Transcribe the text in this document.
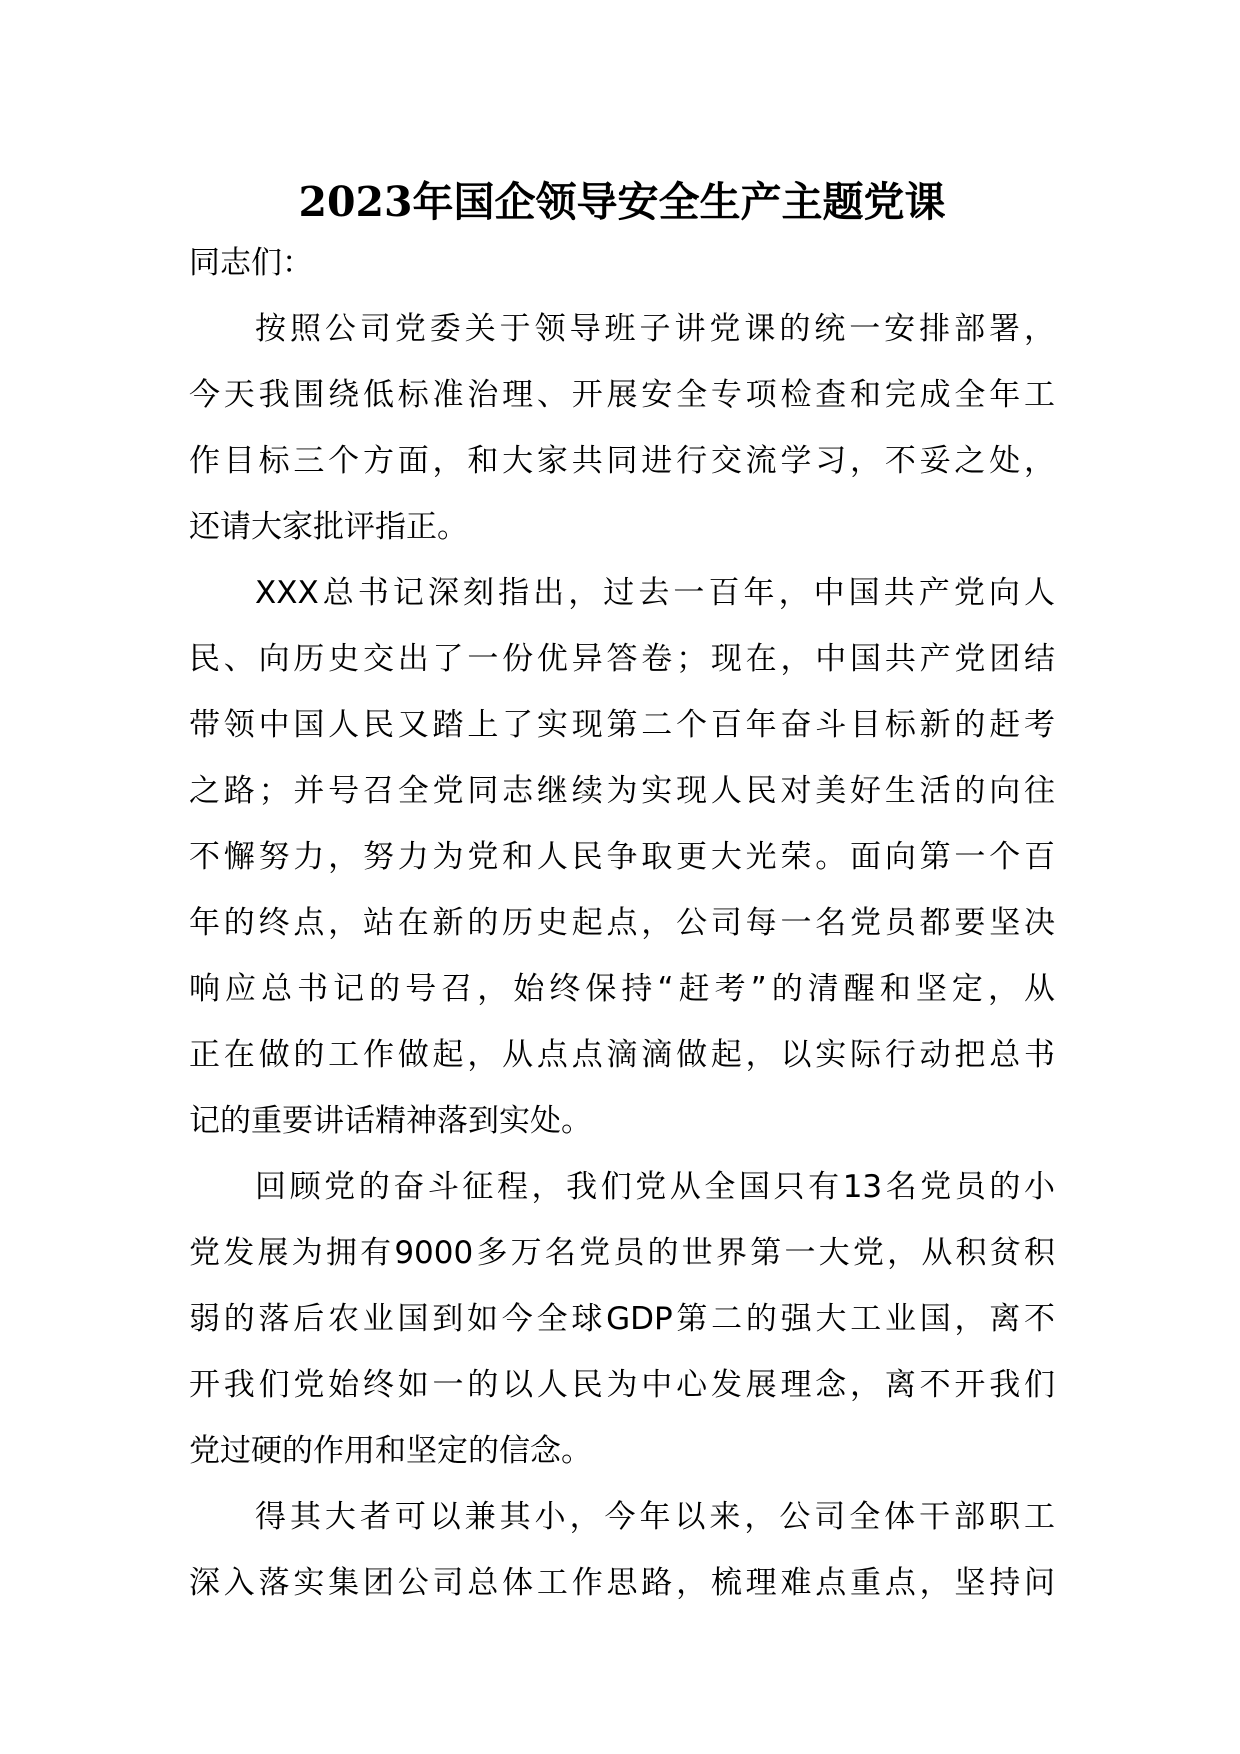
2023年国企领导安全生产主题党课

同志们：

按照公司党委关于领导班子讲党课的统一安排部署，
今天我围绕低标准治理、开展安全专项检查和完成全年工
作目标三个方面，和大家共同进行交流学习，不妥之处，
还请大家批评指正。

XXX总书记深刻指出，过去一百年，中国共产党向人
民、向历史交出了一份优异答卷；现在，中国共产党团结
带领中国人民又踏上了实现第二个百年奋斗目标新的赶考
之路；并号召全党同志继续为实现人民对美好生活的向往
不懈努力，努力为党和人民争取更大光荣。面向第一个百
年的终点，站在新的历史起点，公司每一名党员都要坚决
响应总书记的号召，始终保持“赶考”的清醒和坚定，从
正在做的工作做起，从点点滴滴做起，以实际行动把总书
记的重要讲话精神落到实处。

回顾党的奋斗征程，我们党从全国只有13名党员的小
党发展为拥有9000多万名党员的世界第一大党，从积贫积
弱的落后农业国到如今全球GDP第二的强大工业国，离不
开我们党始终如一的以人民为中心发展理念，离不开我们
党过硬的作用和坚定的信念。

得其大者可以兼其小，今年以来，公司全体干部职工
深入落实集团公司总体工作思路，梳理难点重点，坚持问
